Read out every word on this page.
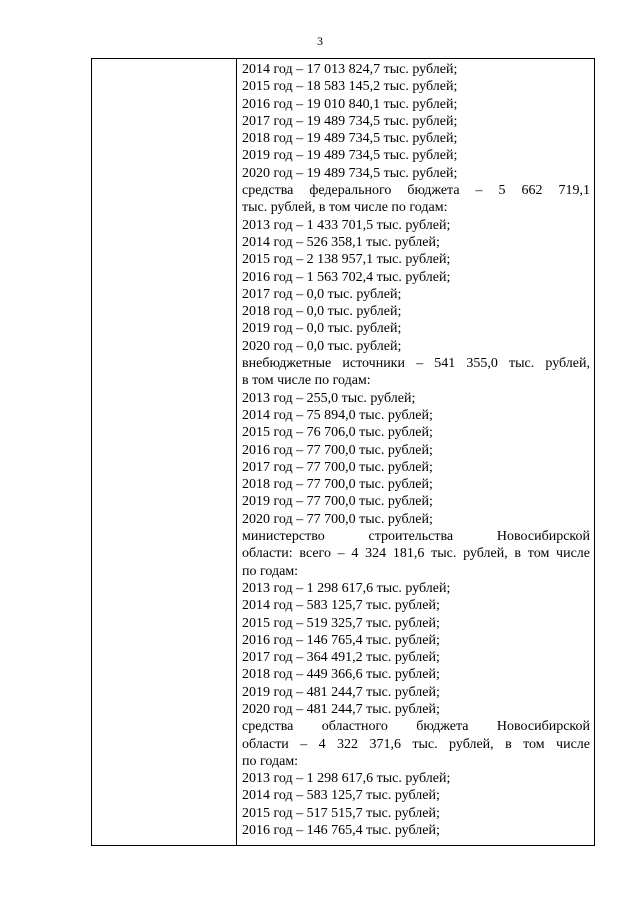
3
2014 год – 17 013 824,7 тыс. рублей;
2015 год – 18 583 145,2 тыс. рублей;
2016 год – 19 010 840,1 тыс. рублей;
2017 год – 19 489 734,5 тыс. рублей;
2018 год – 19 489 734,5 тыс. рублей;
2019 год – 19 489 734,5 тыс. рублей;
2020 год – 19 489 734,5 тыс. рублей;
средства федерального бюджета – 5 662 719,1
тыс. рублей, в том числе по годам:
2013 год – 1 433 701,5 тыс. рублей;
2014 год – 526 358,1 тыс. рублей;
2015 год – 2 138 957,1 тыс. рублей;
2016 год – 1 563 702,4 тыс. рублей;
2017 год – 0,0 тыс. рублей;
2018 год – 0,0 тыс. рублей;
2019 год – 0,0 тыс. рублей;
2020 год – 0,0 тыс. рублей;
внебюджетные источники – 541 355,0 тыс. рублей,
в том числе по годам:
2013 год – 255,0 тыс. рублей;
2014 год – 75 894,0 тыс. рублей;
2015 год – 76 706,0 тыс. рублей;
2016 год – 77 700,0 тыс. рублей;
2017 год – 77 700,0 тыс. рублей;
2018 год – 77 700,0 тыс. рублей;
2019 год – 77 700,0 тыс. рублей;
2020 год – 77 700,0 тыс. рублей;
министерство строительства Новосибирской
области: всего – 4 324 181,6 тыс. рублей, в том числе
по годам:
2013 год – 1 298 617,6 тыс. рублей;
2014 год – 583 125,7 тыс. рублей;
2015 год – 519 325,7 тыс. рублей;
2016 год – 146 765,4 тыс. рублей;
2017 год – 364 491,2 тыс. рублей;
2018 год – 449 366,6 тыс. рублей;
2019 год – 481 244,7 тыс. рублей;
2020 год – 481 244,7 тыс. рублей;
средства областного бюджета Новосибирской
области – 4 322 371,6 тыс. рублей, в том числе
по годам:
2013 год – 1 298 617,6 тыс. рублей;
2014 год – 583 125,7 тыс. рублей;
2015 год – 517 515,7 тыс. рублей;
2016 год – 146 765,4 тыс. рублей;
